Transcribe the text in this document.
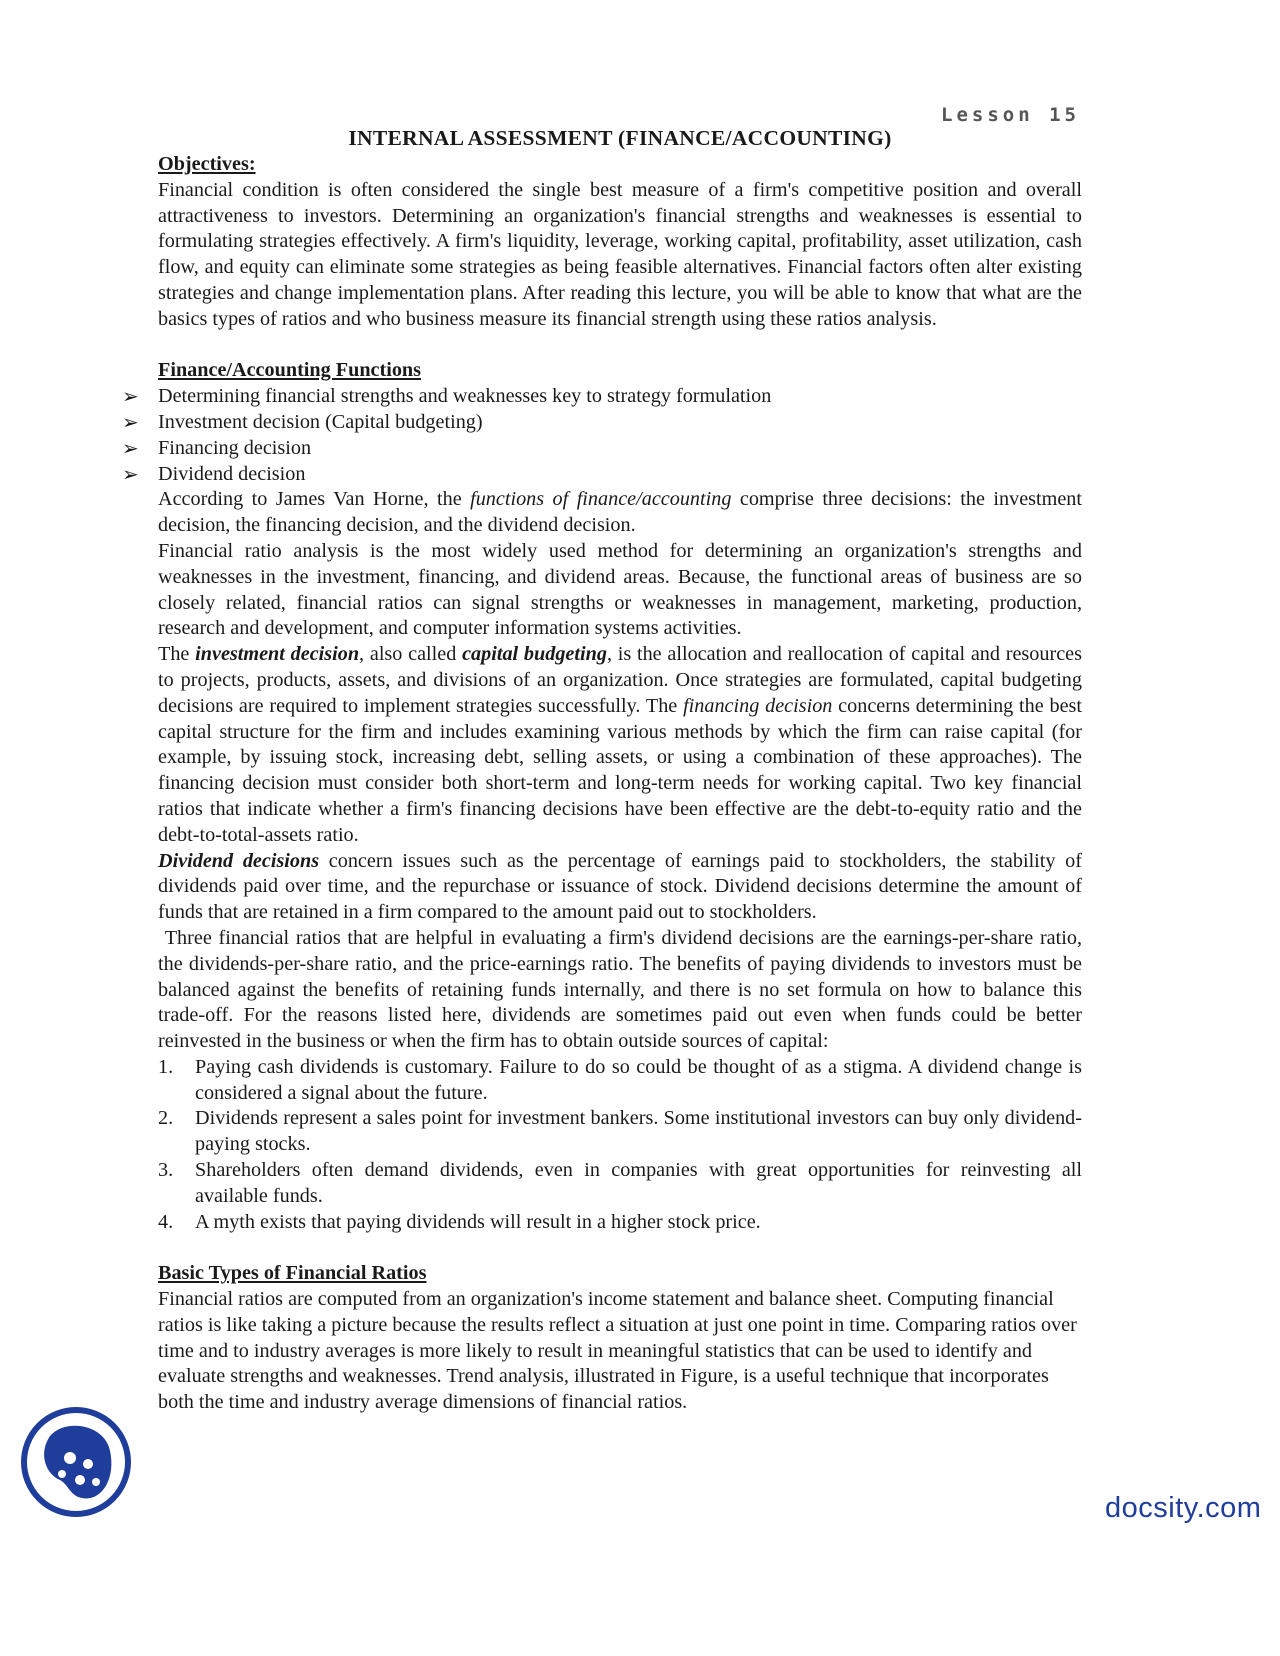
Lesson 15
INTERNAL ASSESSMENT (FINANCE/ACCOUNTING)
Objectives:

Financial condition is often considered the single best measure of a firm's competitive position and overall attractiveness to investors. Determining an organization's financial strengths and weaknesses is essential to formulating strategies effectively. A firm's liquidity, leverage, working capital, profitability, asset utilization, cash flow, and equity can eliminate some strategies as being feasible alternatives. Financial factors often alter existing strategies and change implementation plans. After reading this lecture, you will be able to know that what are the basics types of ratios and who business measure its financial strength using these ratios analysis.

Finance/Accounting Functions
➢ Determining financial strengths and weaknesses key to strategy formulation
➢ Investment decision (Capital budgeting)
➢ Financing decision
➢ Dividend decision

According to James Van Horne, the functions of finance/accounting comprise three decisions: the investment decision, the financing decision, and the dividend decision.

Financial ratio analysis is the most widely used method for determining an organization's strengths and weaknesses in the investment, financing, and dividend areas. Because, the functional areas of business are so closely related, financial ratios can signal strengths or weaknesses in management, marketing, production, research and development, and computer information systems activities.

The investment decision, also called capital budgeting, is the allocation and reallocation of capital and resources to projects, products, assets, and divisions of an organization. Once strategies are formulated, capital budgeting decisions are required to implement strategies successfully. The financing decision concerns determining the best capital structure for the firm and includes examining various methods by which the firm can raise capital (for example, by issuing stock, increasing debt, selling assets, or using a combination of these approaches). The financing decision must consider both short-term and long-term needs for working capital. Two key financial ratios that indicate whether a firm's financing decisions have been effective are the debt-to-equity ratio and the debt-to-total-assets ratio.

Dividend decisions concern issues such as the percentage of earnings paid to stockholders, the stability of dividends paid over time, and the repurchase or issuance of stock. Dividend decisions determine the amount of funds that are retained in a firm compared to the amount paid out to stockholders.

Three financial ratios that are helpful in evaluating a firm's dividend decisions are the earnings-per-share ratio, the dividends-per-share ratio, and the price-earnings ratio. The benefits of paying dividends to investors must be balanced against the benefits of retaining funds internally, and there is no set formula on how to balance this trade-off. For the reasons listed here, dividends are sometimes paid out even when funds could be better reinvested in the business or when the firm has to obtain outside sources of capital:

1. Paying cash dividends is customary. Failure to do so could be thought of as a stigma. A dividend change is considered a signal about the future.
2. Dividends represent a sales point for investment bankers. Some institutional investors can buy only dividend-paying stocks.
3. Shareholders often demand dividends, even in companies with great opportunities for reinvesting all available funds.
4. A myth exists that paying dividends will result in a higher stock price.
Basic Types of Financial Ratios

Financial ratios are computed from an organization's income statement and balance sheet. Computing financial ratios is like taking a picture because the results reflect a situation at just one point in time. Comparing ratios over time and to industry averages is more likely to result in meaningful statistics that can be used to identify and evaluate strengths and weaknesses. Trend analysis, illustrated in Figure, is a useful technique that incorporates both the time and industry average dimensions of financial ratios.

docsity.com
